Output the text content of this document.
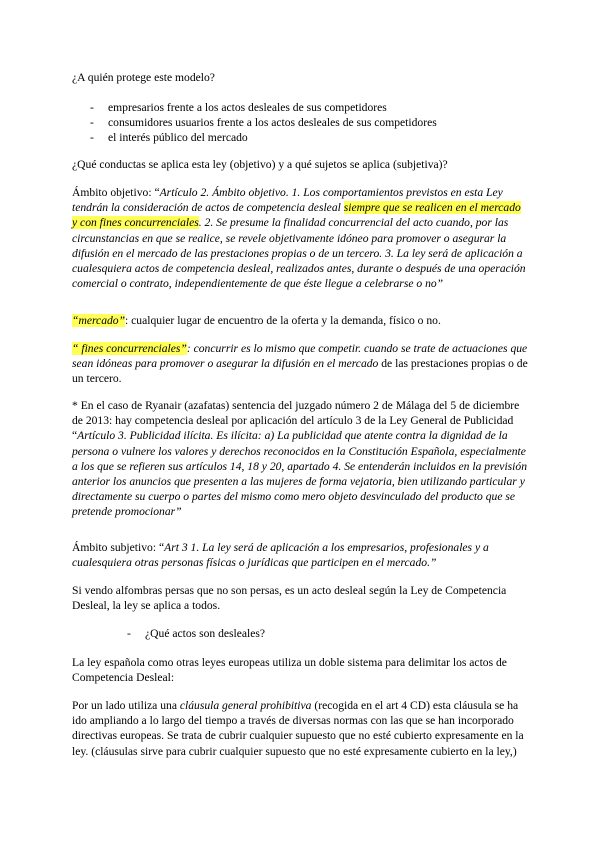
¿A quién protege este modelo?

- empresarios frente a los actos desleales de sus competidores
- consumidores usuarios frente a los actos desleales de sus competidores
- el interés público del mercado

¿Qué conductas se aplica esta ley (objetivo) y a qué sujetos se aplica (subjetiva)?

Ámbito objetivo: “Artículo 2. Ámbito objetivo. 1. Los comportamientos previstos en esta Ley tendrán la consideración de actos de competencia desleal siempre que se realicen en el mercado y con fines concurrenciales. 2. Se presume la finalidad concurrencial del acto cuando, por las circunstancias en que se realice, se revele objetivamente idóneo para promover o asegurar la difusión en el mercado de las prestaciones propias o de un tercero. 3. La ley será de aplicación a cualesquiera actos de competencia desleal, realizados antes, durante o después de una operación comercial o contrato, independientemente de que éste llegue a celebrarse o no”

“mercado”: cualquier lugar de encuentro de la oferta y la demanda, físico o no.

“ fines concurrenciales”: concurrir es lo mismo que competir. cuando se trate de actuaciones que sean idóneas para promover o asegurar la difusión en el mercado de las prestaciones propias o de un tercero.

* En el caso de Ryanair (azafatas) sentencia del juzgado número 2 de Málaga del 5 de diciembre de 2013: hay competencia desleal por aplicación del artículo 3 de la Ley General de Publicidad “Artículo 3. Publicidad ilícita. Es ilícita: a) La publicidad que atente contra la dignidad de la persona o vulnere los valores y derechos reconocidos en la Constitución Española, especialmente a los que se refieren sus artículos 14, 18 y 20, apartado 4. Se entenderán incluidos en la previsión anterior los anuncios que presenten a las mujeres de forma vejatoria, bien utilizando particular y directamente su cuerpo o partes del mismo como mero objeto desvinculado del producto que se pretende promocionar”

Ámbito subjetivo: “Art 3 1. La ley será de aplicación a los empresarios, profesionales y a cualesquiera otras personas físicas o jurídicas que participen en el mercado.”

Si vendo alfombras persas que no son persas, es un acto desleal según la Ley de Competencia Desleal, la ley se aplica a todos.

- ¿Qué actos son desleales?

La ley española como otras leyes europeas utiliza un doble sistema para delimitar los actos de Competencia Desleal:

Por un lado utiliza una cláusula general prohibitiva (recogida en el art 4 CD) esta cláusula se ha ido ampliando a lo largo del tiempo a través de diversas normas con las que se han incorporado directivas europeas. Se trata de cubrir cualquier supuesto que no esté cubierto expresamente en la ley. (cláusulas sirve para cubrir cualquier supuesto que no esté expresamente cubierto en la ley,)
